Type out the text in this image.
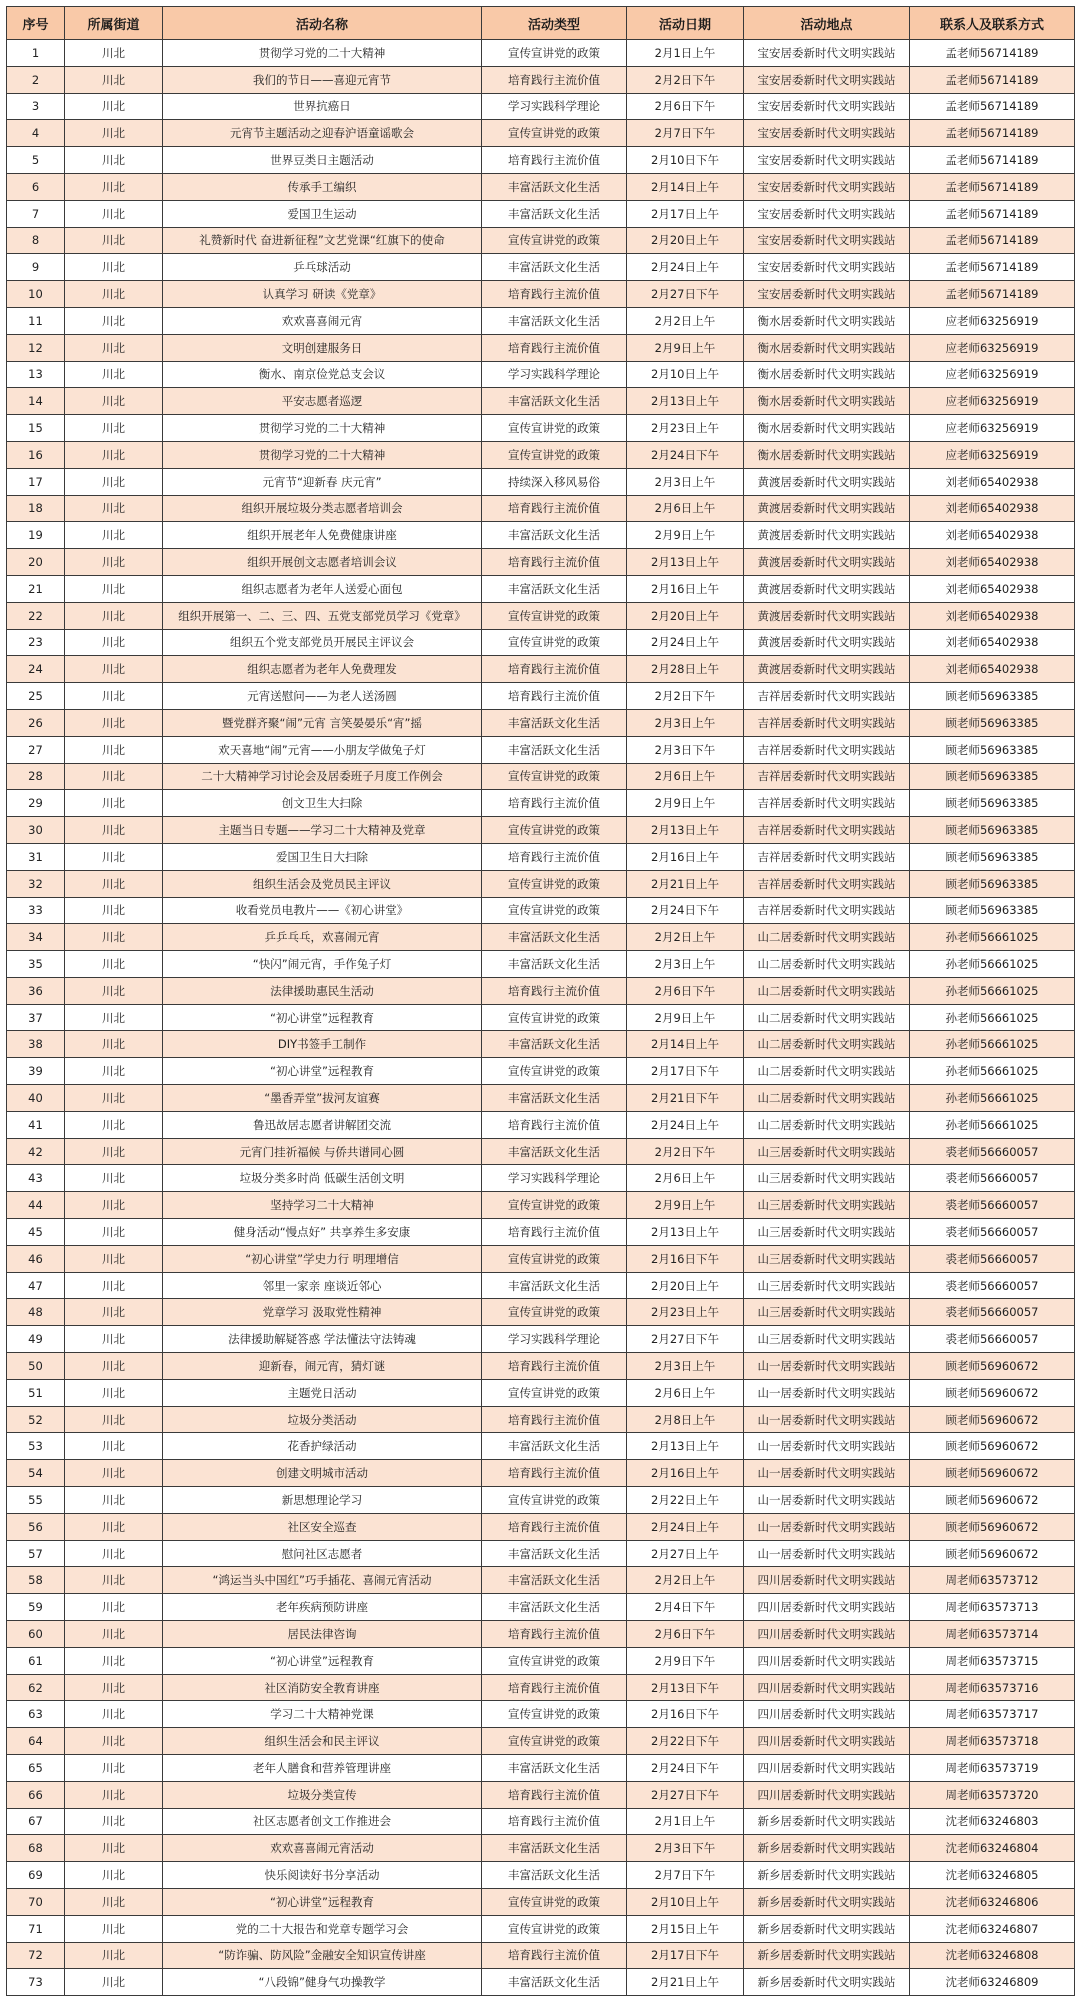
序号	所属街道	活动名称	活动类型	活动日期	活动地点	联系人及联系方式
1	川北	贯彻学习党的二十大精神	宣传宣讲党的政策	2月1日上午	宝安居委新时代文明实践站	孟老师56714189
2	川北	我们的节日——喜迎元宵节	培育践行主流价值	2月2日下午	宝安居委新时代文明实践站	孟老师56714189
3	川北	世界抗癌日	学习实践科学理论	2月6日下午	宝安居委新时代文明实践站	孟老师56714189
4	川北	元宵节主题活动之迎春沪语童谣歌会	宣传宣讲党的政策	2月7日下午	宝安居委新时代文明实践站	孟老师56714189
5	川北	世界豆类日主题活动	培育践行主流价值	2月10日下午	宝安居委新时代文明实践站	孟老师56714189
6	川北	传承手工编织	丰富活跃文化生活	2月14日上午	宝安居委新时代文明实践站	孟老师56714189
7	川北	爱国卫生运动	丰富活跃文化生活	2月17日上午	宝安居委新时代文明实践站	孟老师56714189
8	川北	礼赞新时代 奋进新征程”文艺党课“红旗下的使命	宣传宣讲党的政策	2月20日上午	宝安居委新时代文明实践站	孟老师56714189
9	川北	乒乓球活动	丰富活跃文化生活	2月24日上午	宝安居委新时代文明实践站	孟老师56714189
10	川北	认真学习 研读《党章》	培育践行主流价值	2月27日下午	宝安居委新时代文明实践站	孟老师56714189
11	川北	欢欢喜喜闹元宵	丰富活跃文化生活	2月2日上午	衡水居委新时代文明实践站	应老师63256919
12	川北	文明创建服务日	培育践行主流价值	2月9日上午	衡水居委新时代文明实践站	应老师63256919
13	川北	衡水、南京俭党总支会议	学习实践科学理论	2月10日上午	衡水居委新时代文明实践站	应老师63256919
14	川北	平安志愿者巡逻	丰富活跃文化生活	2月13日上午	衡水居委新时代文明实践站	应老师63256919
15	川北	贯彻学习党的二十大精神	宣传宣讲党的政策	2月23日上午	衡水居委新时代文明实践站	应老师63256919
16	川北	贯彻学习党的二十大精神	宣传宣讲党的政策	2月24日下午	衡水居委新时代文明实践站	应老师63256919
17	川北	元宵节“迎新春 庆元宵”	持续深入移风易俗	2月3日上午	黄渡居委新时代文明实践站	刘老师65402938
18	川北	组织开展垃圾分类志愿者培训会	培育践行主流价值	2月6日上午	黄渡居委新时代文明实践站	刘老师65402938
19	川北	组织开展老年人免费健康讲座	丰富活跃文化生活	2月9日上午	黄渡居委新时代文明实践站	刘老师65402938
20	川北	组织开展创文志愿者培训会议	培育践行主流价值	2月13日上午	黄渡居委新时代文明实践站	刘老师65402938
21	川北	组织志愿者为老年人送爱心面包	丰富活跃文化生活	2月16日上午	黄渡居委新时代文明实践站	刘老师65402938
22	川北	组织开展第一、二、三、四、五党支部党员学习《党章》	宣传宣讲党的政策	2月20日上午	黄渡居委新时代文明实践站	刘老师65402938
23	川北	组织五个党支部党员开展民主评议会	宣传宣讲党的政策	2月24日上午	黄渡居委新时代文明实践站	刘老师65402938
24	川北	组织志愿者为老年人免费理发	培育践行主流价值	2月28日上午	黄渡居委新时代文明实践站	刘老师65402938
25	川北	元宵送慰问——为老人送汤圆	培育践行主流价值	2月2日下午	吉祥居委新时代文明实践站	顾老师56963385
26	川北	暨党群齐聚“闹”元宵 言笑晏晏乐“宵”摇	丰富活跃文化生活	2月3日上午	吉祥居委新时代文明实践站	顾老师56963385
27	川北	欢天喜地“闹”元宵——小朋友学做兔子灯	丰富活跃文化生活	2月3日下午	吉祥居委新时代文明实践站	顾老师56963385
28	川北	二十大精神学习讨论会及居委班子月度工作例会	宣传宣讲党的政策	2月6日上午	吉祥居委新时代文明实践站	顾老师56963385
29	川北	创文卫生大扫除	培育践行主流价值	2月9日上午	吉祥居委新时代文明实践站	顾老师56963385
30	川北	主题当日专题——学习二十大精神及党章	宣传宣讲党的政策	2月13日上午	吉祥居委新时代文明实践站	顾老师56963385
31	川北	爱国卫生日大扫除	培育践行主流价值	2月16日上午	吉祥居委新时代文明实践站	顾老师56963385
32	川北	组织生活会及党员民主评议	宣传宣讲党的政策	2月21日上午	吉祥居委新时代文明实践站	顾老师56963385
33	川北	收看党员电教片——《初心讲堂》	宣传宣讲党的政策	2月24日下午	吉祥居委新时代文明实践站	顾老师56963385
34	川北	乒乒乓乓，欢喜闹元宵	丰富活跃文化生活	2月2日上午	山二居委新时代文明实践站	孙老师56661025
35	川北	“快闪”闹元宵，手作兔子灯	丰富活跃文化生活	2月3日上午	山二居委新时代文明实践站	孙老师56661025
36	川北	法律援助惠民生活动	培育践行主流价值	2月6日下午	山二居委新时代文明实践站	孙老师56661025
37	川北	“初心讲堂”远程教育	宣传宣讲党的政策	2月9日上午	山二居委新时代文明实践站	孙老师56661025
38	川北	DIY书签手工制作	丰富活跃文化生活	2月14日上午	山二居委新时代文明实践站	孙老师56661025
39	川北	“初心讲堂”远程教育	宣传宣讲党的政策	2月17日下午	山二居委新时代文明实践站	孙老师56661025
40	川北	“墨香弄堂”拔河友谊赛	丰富活跃文化生活	2月21日下午	山二居委新时代文明实践站	孙老师56661025
41	川北	鲁迅故居志愿者讲解团交流	培育践行主流价值	2月24日上午	山二居委新时代文明实践站	孙老师56661025
42	川北	元宵门挂祈福候 与侨共谱同心圆	丰富活跃文化生活	2月2日下午	山三居委新时代文明实践站	裘老师56660057
43	川北	垃圾分类多时尚 低碳生活创文明	学习实践科学理论	2月6日上午	山三居委新时代文明实践站	裘老师56660057
44	川北	坚持学习二十大精神	宣传宣讲党的政策	2月9日上午	山三居委新时代文明实践站	裘老师56660057
45	川北	健身活动“慢点好” 共享养生多安康	培育践行主流价值	2月13日上午	山三居委新时代文明实践站	裘老师56660057
46	川北	“初心讲堂”学史力行 明理增信	宣传宣讲党的政策	2月16日下午	山三居委新时代文明实践站	裘老师56660057
47	川北	邻里一家亲 座谈近邻心	丰富活跃文化生活	2月20日上午	山三居委新时代文明实践站	裘老师56660057
48	川北	党章学习 汲取党性精神	宣传宣讲党的政策	2月23日上午	山三居委新时代文明实践站	裘老师56660057
49	川北	法律援助解疑答惑 学法懂法守法铸魂	学习实践科学理论	2月27日下午	山三居委新时代文明实践站	裘老师56660057
50	川北	迎新春，闹元宵，猜灯谜	培育践行主流价值	2月3日上午	山一居委新时代文明实践站	顾老师56960672
51	川北	主题党日活动	宣传宣讲党的政策	2月6日上午	山一居委新时代文明实践站	顾老师56960672
52	川北	垃圾分类活动	培育践行主流价值	2月8日上午	山一居委新时代文明实践站	顾老师56960672
53	川北	花香护绿活动	丰富活跃文化生活	2月13日上午	山一居委新时代文明实践站	顾老师56960672
54	川北	创建文明城市活动	培育践行主流价值	2月16日上午	山一居委新时代文明实践站	顾老师56960672
55	川北	新思想理论学习	宣传宣讲党的政策	2月22日上午	山一居委新时代文明实践站	顾老师56960672
56	川北	社区安全巡查	培育践行主流价值	2月24日上午	山一居委新时代文明实践站	顾老师56960672
57	川北	慰问社区志愿者	丰富活跃文化生活	2月27日上午	山一居委新时代文明实践站	顾老师56960672
58	川北	“鸿运当头中国红”巧手插花、喜闹元宵活动	丰富活跃文化生活	2月2日上午	四川居委新时代文明实践站	周老师63573712
59	川北	老年疾病预防讲座	丰富活跃文化生活	2月4日下午	四川居委新时代文明实践站	周老师63573713
60	川北	居民法律咨询	培育践行主流价值	2月6日下午	四川居委新时代文明实践站	周老师63573714
61	川北	“初心讲堂”远程教育	宣传宣讲党的政策	2月9日下午	四川居委新时代文明实践站	周老师63573715
62	川北	社区消防安全教育讲座	培育践行主流价值	2月13日下午	四川居委新时代文明实践站	周老师63573716
63	川北	学习二十大精神党课	宣传宣讲党的政策	2月16日下午	四川居委新时代文明实践站	周老师63573717
64	川北	组织生活会和民主评议	宣传宣讲党的政策	2月22日下午	四川居委新时代文明实践站	周老师63573718
65	川北	老年人膳食和营养管理讲座	丰富活跃文化生活	2月24日下午	四川居委新时代文明实践站	周老师63573719
66	川北	垃圾分类宣传	培育践行主流价值	2月27日下午	四川居委新时代文明实践站	周老师63573720
67	川北	社区志愿者创文工作推进会	培育践行主流价值	2月1日上午	新乡居委新时代文明实践站	沈老师63246803
68	川北	欢欢喜喜闹元宵活动	丰富活跃文化生活	2月3日下午	新乡居委新时代文明实践站	沈老师63246804
69	川北	快乐阅读好书分享活动	丰富活跃文化生活	2月7日下午	新乡居委新时代文明实践站	沈老师63246805
70	川北	“初心讲堂”远程教育	宣传宣讲党的政策	2月10日上午	新乡居委新时代文明实践站	沈老师63246806
71	川北	党的二十大报告和党章专题学习会	宣传宣讲党的政策	2月15日上午	新乡居委新时代文明实践站	沈老师63246807
72	川北	“防诈骗、防风险”金融安全知识宣传讲座	培育践行主流价值	2月17日下午	新乡居委新时代文明实践站	沈老师63246808
73	川北	“八段锦”健身气功操教学	丰富活跃文化生活	2月21日上午	新乡居委新时代文明实践站	沈老师63246809
